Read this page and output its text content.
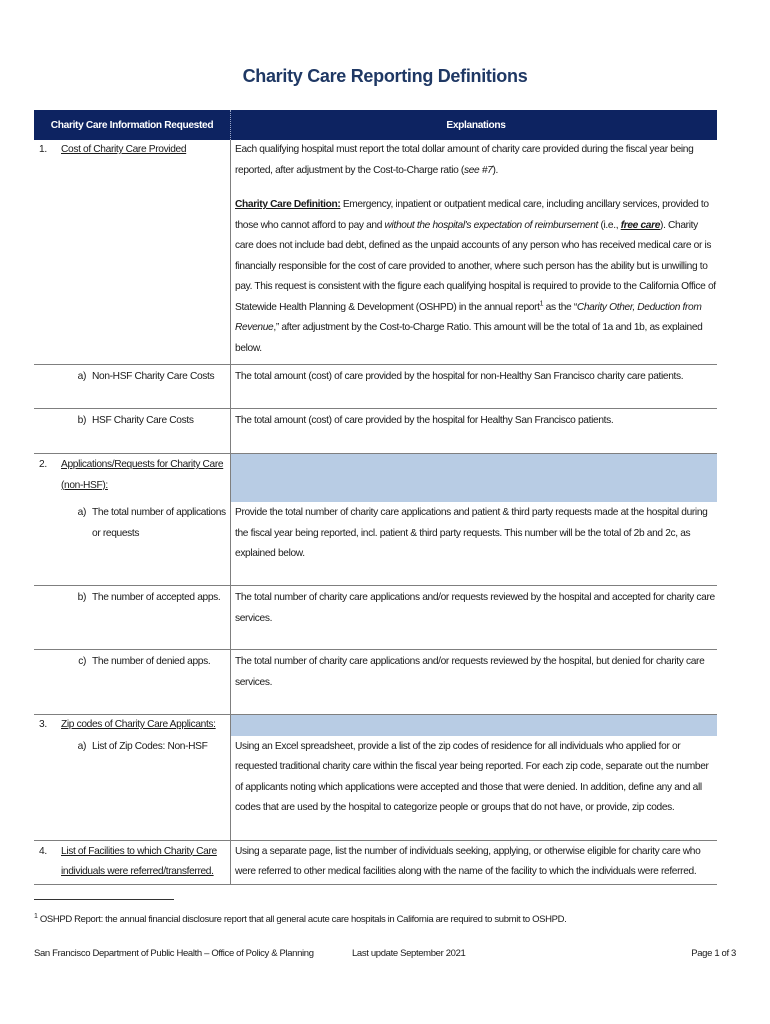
Charity Care Reporting Definitions
Charity Care Information Requested	Explanations
1. Cost of Charity Care Provided	Each qualifying hospital must report the total dollar amount of charity care provided during the fiscal year being reported, after adjustment by the Cost-to-Charge ratio (see #7).
Charity Care Definition: Emergency, inpatient or outpatient medical care, including ancillary services, provided to those who cannot afford to pay and without the hospital's expectation of reimbursement (i.e., free care). Charity care does not include bad debt, defined as the unpaid accounts of any person who has received medical care or is financially responsible for the cost of care provided to another, where such person has the ability but is unwilling to pay. This request is consistent with the figure each qualifying hospital is required to provide to the California Office of Statewide Health Planning & Development (OSHPD) in the annual report$^1$ as the “Charity Other, Deduction from Revenue,” after adjustment by the Cost-to-Charge Ratio. This amount will be the total of 1a and 1b, as explained below.

a) Non-HSF Charity Care Costs	The total amount (cost) of care provided by the hospital for non-Healthy San Francisco charity care patients.

b) HSF Charity Care Costs	The total amount (cost) of care provided by the hospital for Healthy San Francisco patients.

2. Applications/Requests for Charity Care (non-HSF):	

a) The total number of applications or requests	Provide the total number of charity care applications and patient & third party requests made at the hospital during the fiscal year being reported, incl. patient & third party requests. This number will be the total of 2b and 2c, as explained below.

b) The number of accepted apps.	The total number of charity care applications and/or requests reviewed by the hospital and accepted for charity care services.

c) The number of denied apps.	The total number of charity care applications and/or requests reviewed by the hospital, but denied for charity care services.
3. Zip codes of Charity Care Applicants:	

a) List of Zip Codes: Non-HSF	Using an Excel spreadsheet, provide a list of the zip codes of residence for all individuals who applied for or requested traditional charity care within the fiscal year being reported. For each zip code, separate out the number of applicants noting which applications were accepted and those that were denied. In addition, define any and all codes that are used by the hospital to categorize people or groups that do not have, or provide, zip codes.

4. List of Facilities to which Charity Care individuals were referred/transferred.	Using a separate page, list the number of individuals seeking, applying, or otherwise eligible for charity care who were referred to other medical facilities along with the name of the facility to which the individuals were referred.
$^1$ OSHPD Report: the annual financial disclosure report that all general acute care hospitals in California are required to submit to OSHPD.
San Francisco Department of Public Health – Office of Policy & Planning	Last update September 2021	Page 1 of 3
